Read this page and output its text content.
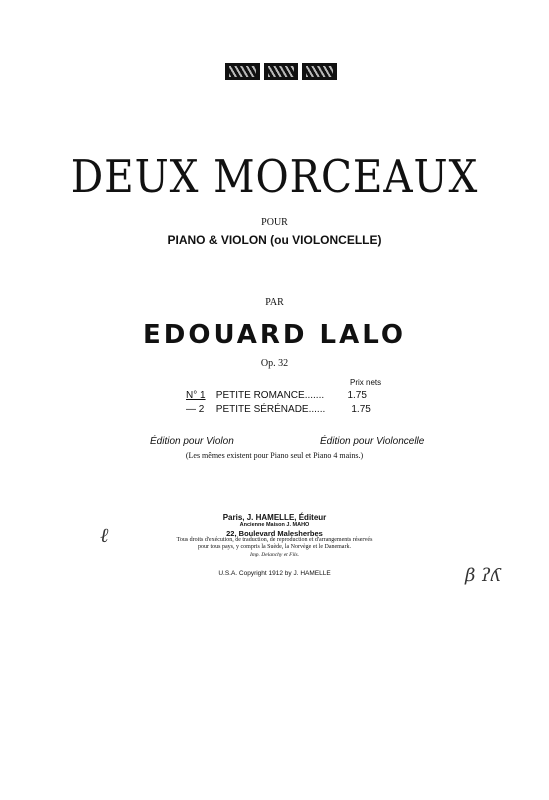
DEUX MORCEAUX
POUR
PIANO & VIOLON (ou VIOLONCELLE)
PAR
EDOUARD LALO
Op. 32
Prix nets
N° 1 PETITE ROMANCE....... 1.75
— 2 PETITE SÉRÉNADE......	1.75
Édition pour Violon	Édition pour Violoncelle
(Les mêmes existent pour Piano seul et Piano 4 mains.)
Paris, J. HAMELLE, Éditeur
Ancienne Maison J. MAHO
22, Boulevard Malesherbes
Tous droits d'exécution, de traduction, de reproduction et d'arrangements réservés
pour tous pays, y compris la Suède, la Norvège et le Danemark.
Imp. Delanchy et Fils.
U.S.A. Copyright 1912 by J. HAMELLE
ℓ
β ʔʎ
